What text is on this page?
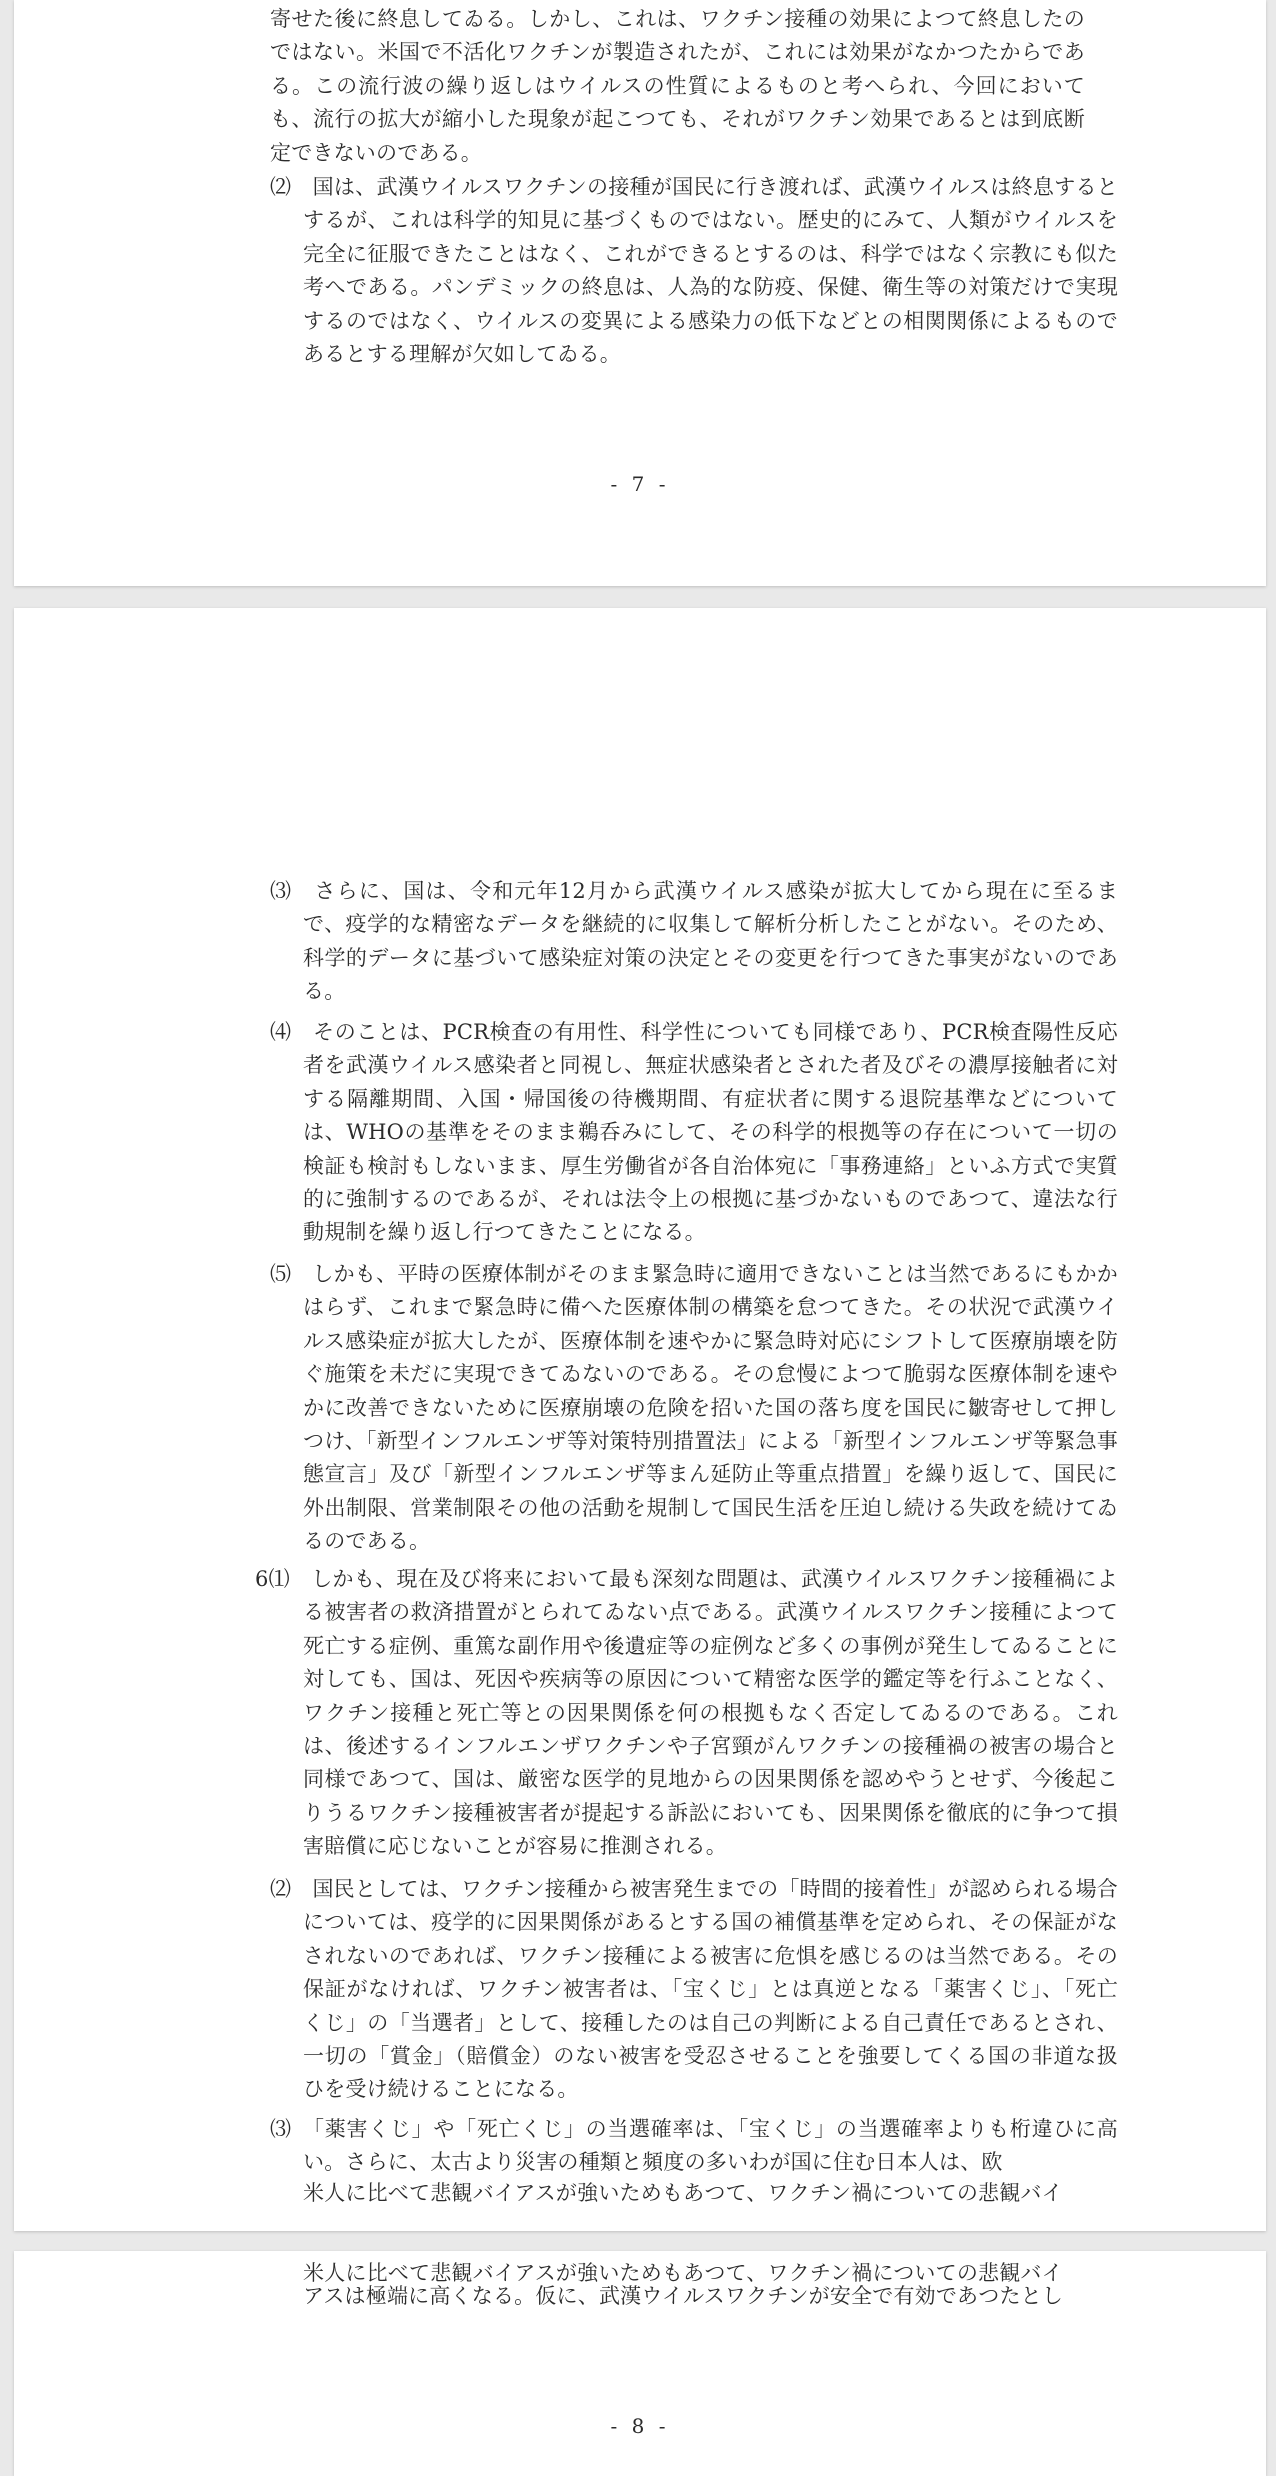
寄せた後に終息してゐる。しかし、これは、ワクチン接種の効果によつて終息したのではない。米国で不活化ワクチンが製造されたが、これには効果がなかつたからである。この流行波の繰り返しはウイルスの性質によるものと考へられ、今回においても、流行の拡大が縮小した現象が起こつても、それがワクチン効果であるとは到底断定できないのである。
⑵　国は、武漢ウイルスワクチンの接種が国民に行き渡れば、武漢ウイルスは終息するとするが、これは科学的知見に基づくものではない。歴史的にみて、人類がウイルスを完全に征服できたことはなく、これができるとするのは、科学ではなく宗教にも似た考へである。パンデミックの終息は、人為的な防疫、保健、衛生等の対策だけで実現するのではなく、ウイルスの変異による感染力の低下などとの相関関係によるものであるとする理解が欠如してゐる。
- 7 -
⑶　さらに、国は、令和元年12月から武漢ウイルス感染が拡大してから現在に至るまで、疫学的な精密なデータを継続的に収集して解析分析したことがない。そのため、科学的データに基づいて感染症対策の決定とその変更を行つてきた事実がないのである。
⑷　そのことは、PCR検査の有用性、科学性についても同様であり、PCR検査陽性反応者を武漢ウイルス感染者と同視し、無症状感染者とされた者及びその濃厚接触者に対する隔離期間、入国・帰国後の待機期間、有症状者に関する退院基準などについては、WHOの基準をそのまま鵜呑みにして、その科学的根拠等の存在について一切の検証も検討もしないまま、厚生労働省が各自治体宛に「事務連絡」といふ方式で実質的に強制するのであるが、それは法令上の根拠に基づかないものであつて、違法な行動規制を繰り返し行つてきたことになる。
⑸　しかも、平時の医療体制がそのまま緊急時に適用できないことは当然であるにもかかはらず、これまで緊急時に備へた医療体制の構築を怠つてきた。その状況で武漢ウイルス感染症が拡大したが、医療体制を速やかに緊急時対応にシフトして医療崩壊を防ぐ施策を未だに実現できてゐないのである。その怠慢によつて脆弱な医療体制を速やかに改善できないために医療崩壊の危険を招いた国の落ち度を国民に皺寄せして押しつけ、「新型インフルエンザ等対策特別措置法」による「新型インフルエンザ等緊急事態宣言」及び「新型インフルエンザ等まん延防止等重点措置」を繰り返して、国民に外出制限、営業制限その他の活動を規制して国民生活を圧迫し続ける失政を続けてゐるのである。
6⑴　しかも、現在及び将来において最も深刻な問題は、武漢ウイルスワクチン接種禍による被害者の救済措置がとられてゐない点である。武漢ウイルスワクチン接種によつて死亡する症例、重篤な副作用や後遺症等の症例など多くの事例が発生してゐることに対しても、国は、死因や疾病等の原因について精密な医学的鑑定等を行ふことなく、ワクチン接種と死亡等との因果関係を何の根拠もなく否定してゐるのである。これは、後述するインフルエンザワクチンや子宮頸がんワクチンの接種禍の被害の場合と同様であつて、国は、厳密な医学的見地からの因果関係を認めやうとせず、今後起こりうるワクチン接種被害者が提起する訴訟においても、因果関係を徹底的に争つて損害賠償に応じないことが容易に推測される。
⑵　国民としては、ワクチン接種から被害発生までの「時間的接着性」が認められる場合については、疫学的に因果関係があるとする国の補償基準を定められ、その保証がなされないのであれば、ワクチン接種による被害に危惧を感じるのは当然である。その保証がなければ、ワクチン被害者は、「宝くじ」とは真逆となる「薬害くじ」、「死亡くじ」の「当選者」として、接種したのは自己の判断による自己責任であるとされ、一切の「賞金」（賠償金）のない被害を受忍させることを強要してくる国の非道な扱ひを受け続けることになる。
⑶　「薬害くじ」や「死亡くじ」の当選確率は、「宝くじ」の当選確率よりも桁違ひに高い。さらに、太古より災害の種類と頻度の多いわが国に住む日本人は、欧
米人に比べて悲観バイアスが強いためもあつて、ワクチン禍についての悲観バイ
米人に比べて悲観バイアスが強いためもあつて、ワクチン禍についての悲観バイ
アスは極端に高くなる。仮に、武漢ウイルスワクチンが安全で有効であつたとし
- 8 -
